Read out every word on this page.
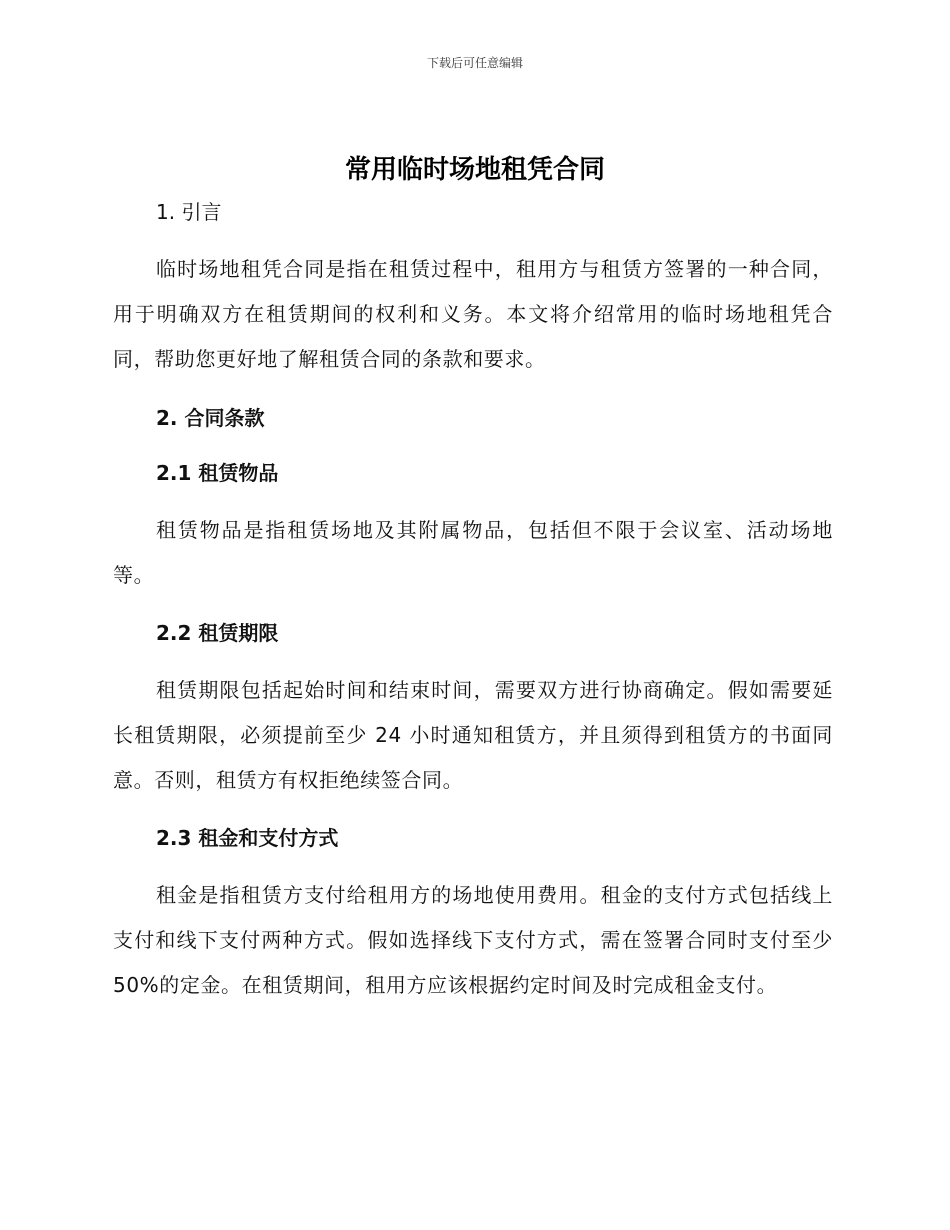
下载后可任意编辑
常用临时场地租凭合同

1. 引言

临时场地租凭合同是指在租赁过程中，租用方与租赁方签署的一种合同，用于明确双方在租赁期间的权利和义务。本文将介绍常用的临时场地租凭合同，帮助您更好地了解租赁合同的条款和要求。

2. 合同条款

2.1 租赁物品

租赁物品是指租赁场地及其附属物品，包括但不限于会议室、活动场地等。

2.2 租赁期限

租赁期限包括起始时间和结束时间，需要双方进行协商确定。假如需要延长租赁期限，必须提前至少 24 小时通知租赁方，并且须得到租赁方的书面同意。否则，租赁方有权拒绝续签合同。

2.3 租金和支付方式

租金是指租赁方支付给租用方的场地使用费用。租金的支付方式包括线上支付和线下支付两种方式。假如选择线下支付方式，需在签署合同时支付至少 50%的定金。在租赁期间，租用方应该根据约定时间及时完成租金支付。
